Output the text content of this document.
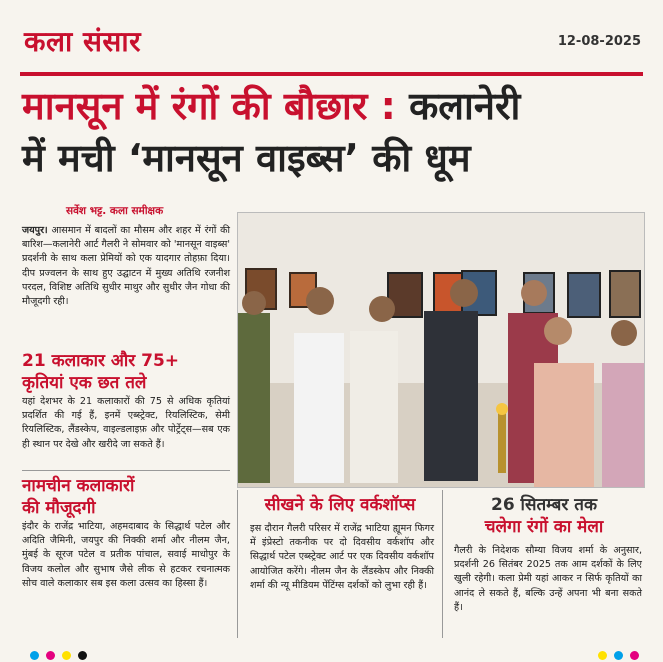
कला संसार	12-08-2025
मानसून में रंगों की बौछार : कलानेरी
में मची ‘मानसून वाइब्स’ की धूम
सर्वेश भट्ट. कला समीक्षक
जयपुर। आसमान में बादलों का मौसम और शहर में रंगों की बारिश—कलानेरी आर्ट गैलरी ने सोमवार को 'मानसून वाइब्स' प्रदर्शनी के साथ कला प्रेमियों को एक यादगार तोहफ़ा दिया। दीप प्रज्वलन के साथ हुए उद्घाटन में मुख्य अतिथि रजनीश परदल, विशिष्ट अतिथि सुधीर माथुर और सुधीर जैन गोधा की मौजूदगी रही।
21 कलाकार और 75+
कृतियां एक छत तले
यहां देशभर के 21 कलाकारों की 75 से अधिक कृतियां प्रदर्शित की गई हैं, इनमें एब्स्ट्रेक्ट, रियलिस्टिक, सेमी रियलिस्टिक, लैंडस्केप, वाइल्डलाइफ़ और पोर्ट्रेट्स—सब एक ही स्थान पर देखे और खरीदे जा सकते हैं।
नामचीन कलाकारों
की मौजूदगी
इंदौर के राजेंद्र भाटिया, अहमदाबाद के सिद्धार्थ पटेल और अदिति जैमिनी, जयपुर की निक्की शर्मा और नीलम जैन, मुंबई के सूरज पटेल व प्रतीक पांचाल, सवाई माधोपुर के विजय कलोल और सुभाष जैसे लीक से हटकर रचनात्मक सोच वाले कलाकार सब इस कला उत्सव का हिस्सा हैं।
सीखने के लिए वर्कशॉप्स
इस दौरान गैलरी परिसर में राजेंद्र भाटिया ह्यूमन फिगर में इंप्रेस्टो तकनीक पर दो दिवसीय वर्कशॉप और सिद्धार्थ पटेल एब्स्ट्रेक्ट आर्ट पर एक दिवसीय वर्कशॉप आयोजित करेंगे। नीलम जैन के लैंडस्केप और निक्की शर्मा की न्यू मीडियम पेंटिंग्स दर्शकों को लुभा रही हैं।
26 सितम्बर तक
चलेगा रंगों का मेला
गैलरी के निदेशक सौम्या विजय शर्मा के अनुसार, प्रदर्शनी 26 सितंबर 2025 तक आम दर्शकों के लिए खुली रहेगी। कला प्रेमी यहां आकर न सिर्फ कृतियों का आनंद ले सकते हैं, बल्कि उन्हें अपना भी बना सकते हैं।
